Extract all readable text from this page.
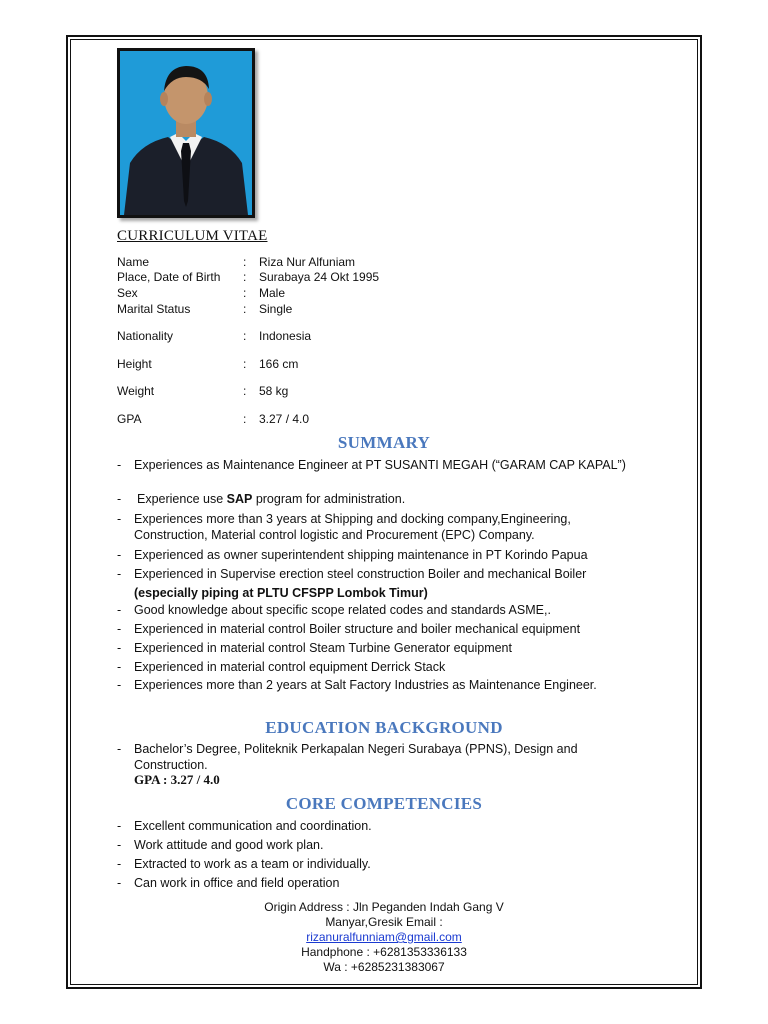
CURRICULUM VITAE
Name	: Riza Nur Alfuniam
Place, Date of Birth	: Surabaya 24 Okt 1995
Sex	: Male
Marital Status	: Single
Nationality	: Indonesia
Height	: 166 cm
Weight	: 58 kg
GPA	: 3.27 / 4.0
SUMMARY
- Experiences as Maintenance Engineer at PT SUSANTI MEGAH (“GARAM CAP KAPAL”)
- Experience use SAP program for administration.
- Experiences more than 3 years at Shipping and docking company,Engineering, Construction, Material control logistic and Procurement (EPC) Company.
- Experienced as owner superintendent shipping maintenance in PT Korindo Papua
- Experienced in Supervise erection steel construction Boiler and mechanical Boiler
(especially piping at PLTU CFSPP Lombok Timur)
- Good knowledge about specific scope related codes and standards ASME,.
- Experienced in material control Boiler structure and boiler mechanical equipment
- Experienced in material control Steam Turbine Generator equipment
- Experienced in material control equipment Derrick Stack
- Experiences more than 2 years at Salt Factory Industries as Maintenance Engineer.
EDUCATION BACKGROUND
- Bachelor’s Degree, Politeknik Perkapalan Negeri Surabaya (PPNS), Design and Construction.
GPA : 3.27 / 4.0
CORE COMPETENCIES
- Excellent communication and coordination.
- Work attitude and good work plan.
- Extracted to work as a team or individually.
- Can work in office and field operation
Origin Address : Jln Peganden Indah Gang V
Manyar,Gresik Email :
rizanuralfunniam@gmail.com
Handphone : +6281353336133
Wa : +6285231383067
